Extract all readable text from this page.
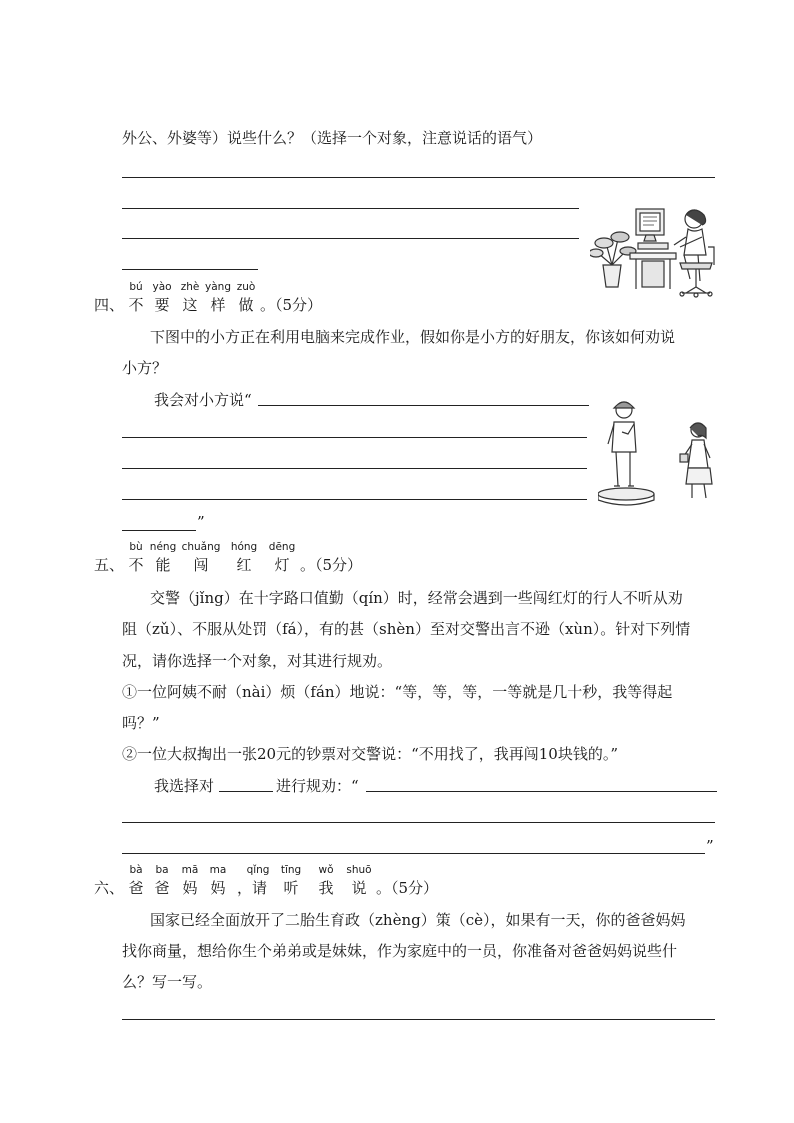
外公、外婆等）说些什么？（选择一个对象，注意说话的语气）
四、
bú
不
yào
要
zhè
这
yàng
样
zuò
做 。（5分）
下图中的小方正在利用电脑来完成作业，假如你是小方的好朋友，你该如何劝说
小方？
我会对小方说“
”
五、
bù
不
néng
能
chuǎng
闯
hóng
红
dēng
灯 。（5分）
交警（jǐng）在十字路口值勤（qín）时，经常会遇到一些闯红灯的行人不听从劝
阻（zǔ）、不服从处罚（fá），有的甚（shèn）至对交警出言不逊（xùn）。针对下列情
况，请你选择一个对象，对其进行规劝。
①一位阿姨不耐（nài）烦（fán）地说：“等，等，等，一等就是几十秒，我等得起
吗？”
②一位大叔掏出一张20元的钞票对交警说：“不用找了，我再闯10块钱的。”
我选择对	进行规劝：“
”
六、
bà
爸
ba
爸
mā
妈
ma
妈
qǐng
，请
tīng
听
wǒ
我
shuō
说 。（5分）
国家已经全面放开了二胎生育政（zhèng）策（cè），如果有一天，你的爸爸妈妈
找你商量，想给你生个弟弟或是妹妹，作为家庭中的一员，你准备对爸爸妈妈说些什
么？写一写。
